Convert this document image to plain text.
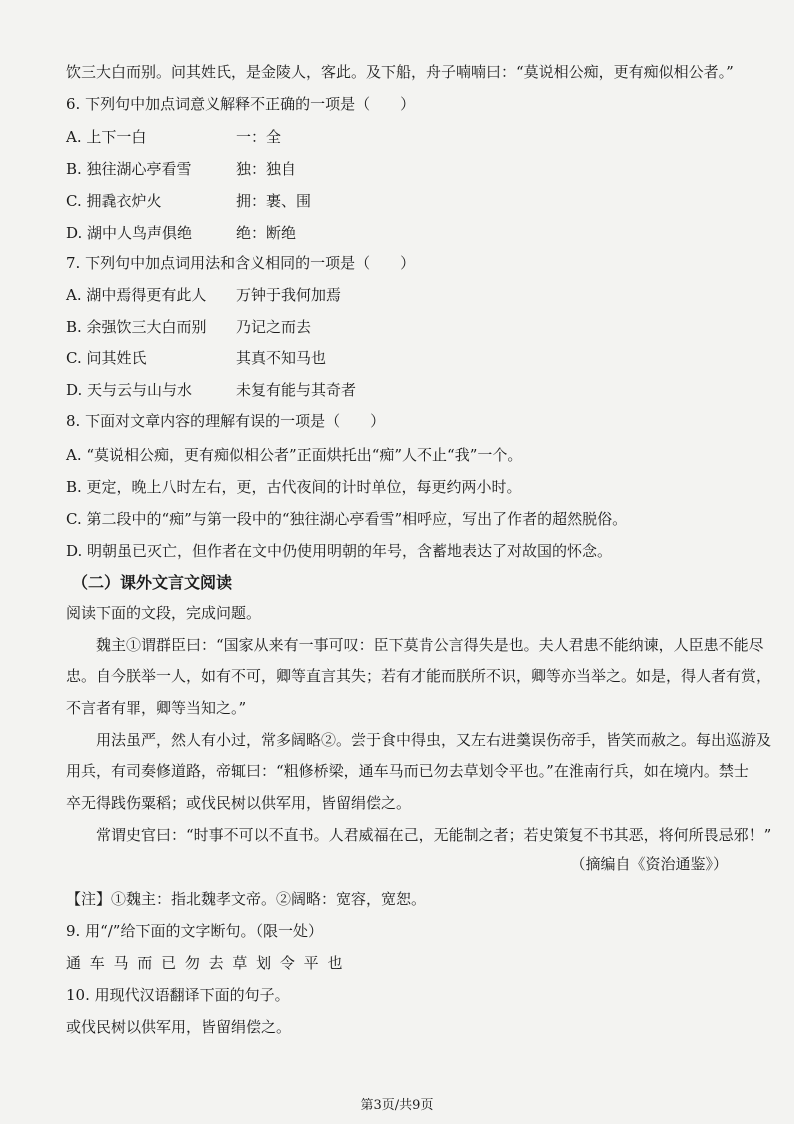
饮三大白而别。问其姓氏，是金陵人，客此。及下船，舟子喃喃曰：“莫说相公痴，更有痴似相公者。”
6. 下列句中加点词意义解释不正确的一项是（　　）
A. 上下一白	一：全
B. 独往湖心亭看雪	独：独自
C. 拥毳衣炉火	拥：裹、围
D. 湖中人鸟声俱绝	绝：断绝
7. 下列句中加点词用法和含义相同的一项是（　　）
A. 湖中焉得更有此人 万钟于我何加焉
B. 余强饮三大白而别 乃记之而去
C. 问其姓氏	其真不知马也
D. 天与云与山与水	未复有能与其奇者
8. 下面对文章内容的理解有误的一项是（　　）
A. “莫说相公痴，更有痴似相公者”正面烘托出“痴”人不止“我”一个。
B. 更定，晚上八时左右，更，古代夜间的计时单位，每更约两小时。
C. 第二段中的“痴”与第一段中的“独往湖心亭看雪”相呼应，写出了作者的超然脱俗。
D. 明朝虽已灭亡，但作者在文中仍使用明朝的年号，含蓄地表达了对故国的怀念。
（二）课外文言文阅读
阅读下面的文段，完成问题。
魏主①谓群臣曰：“国家从来有一事可叹：臣下莫肯公言得失是也。夫人君患不能纳谏，人臣患不能尽
忠。自今朕举一人，如有不可，卿等直言其失；若有才能而朕所不识，卿等亦当举之。如是，得人者有赏，
不言者有罪，卿等当知之。”
用法虽严，然人有小过，常多阔略②。尝于食中得虫，又左右进羹误伤帝手，皆笑而赦之。每出巡游及
用兵，有司奏修道路，帝辄曰：“粗修桥梁，通车马而已勿去草划令平也。”在淮南行兵，如在境内。禁士
卒无得践伤粟稻；或伐民树以供军用，皆留绢偿之。
常谓史官曰：“时事不可以不直书。人君威福在己，无能制之者；若史策复不书其恶，将何所畏忌邪！”
（摘编自《资治通鉴》）
【注】①魏主：指北魏孝文帝。②阔略：宽容，宽恕。
9. 用“/”给下面的文字断句。（限一处）
通 车 马 而 已 勿 去 草 划 令 平 也
10. 用现代汉语翻译下面的句子。
或伐民树以供军用，皆留绢偿之。
第3页/共9页
